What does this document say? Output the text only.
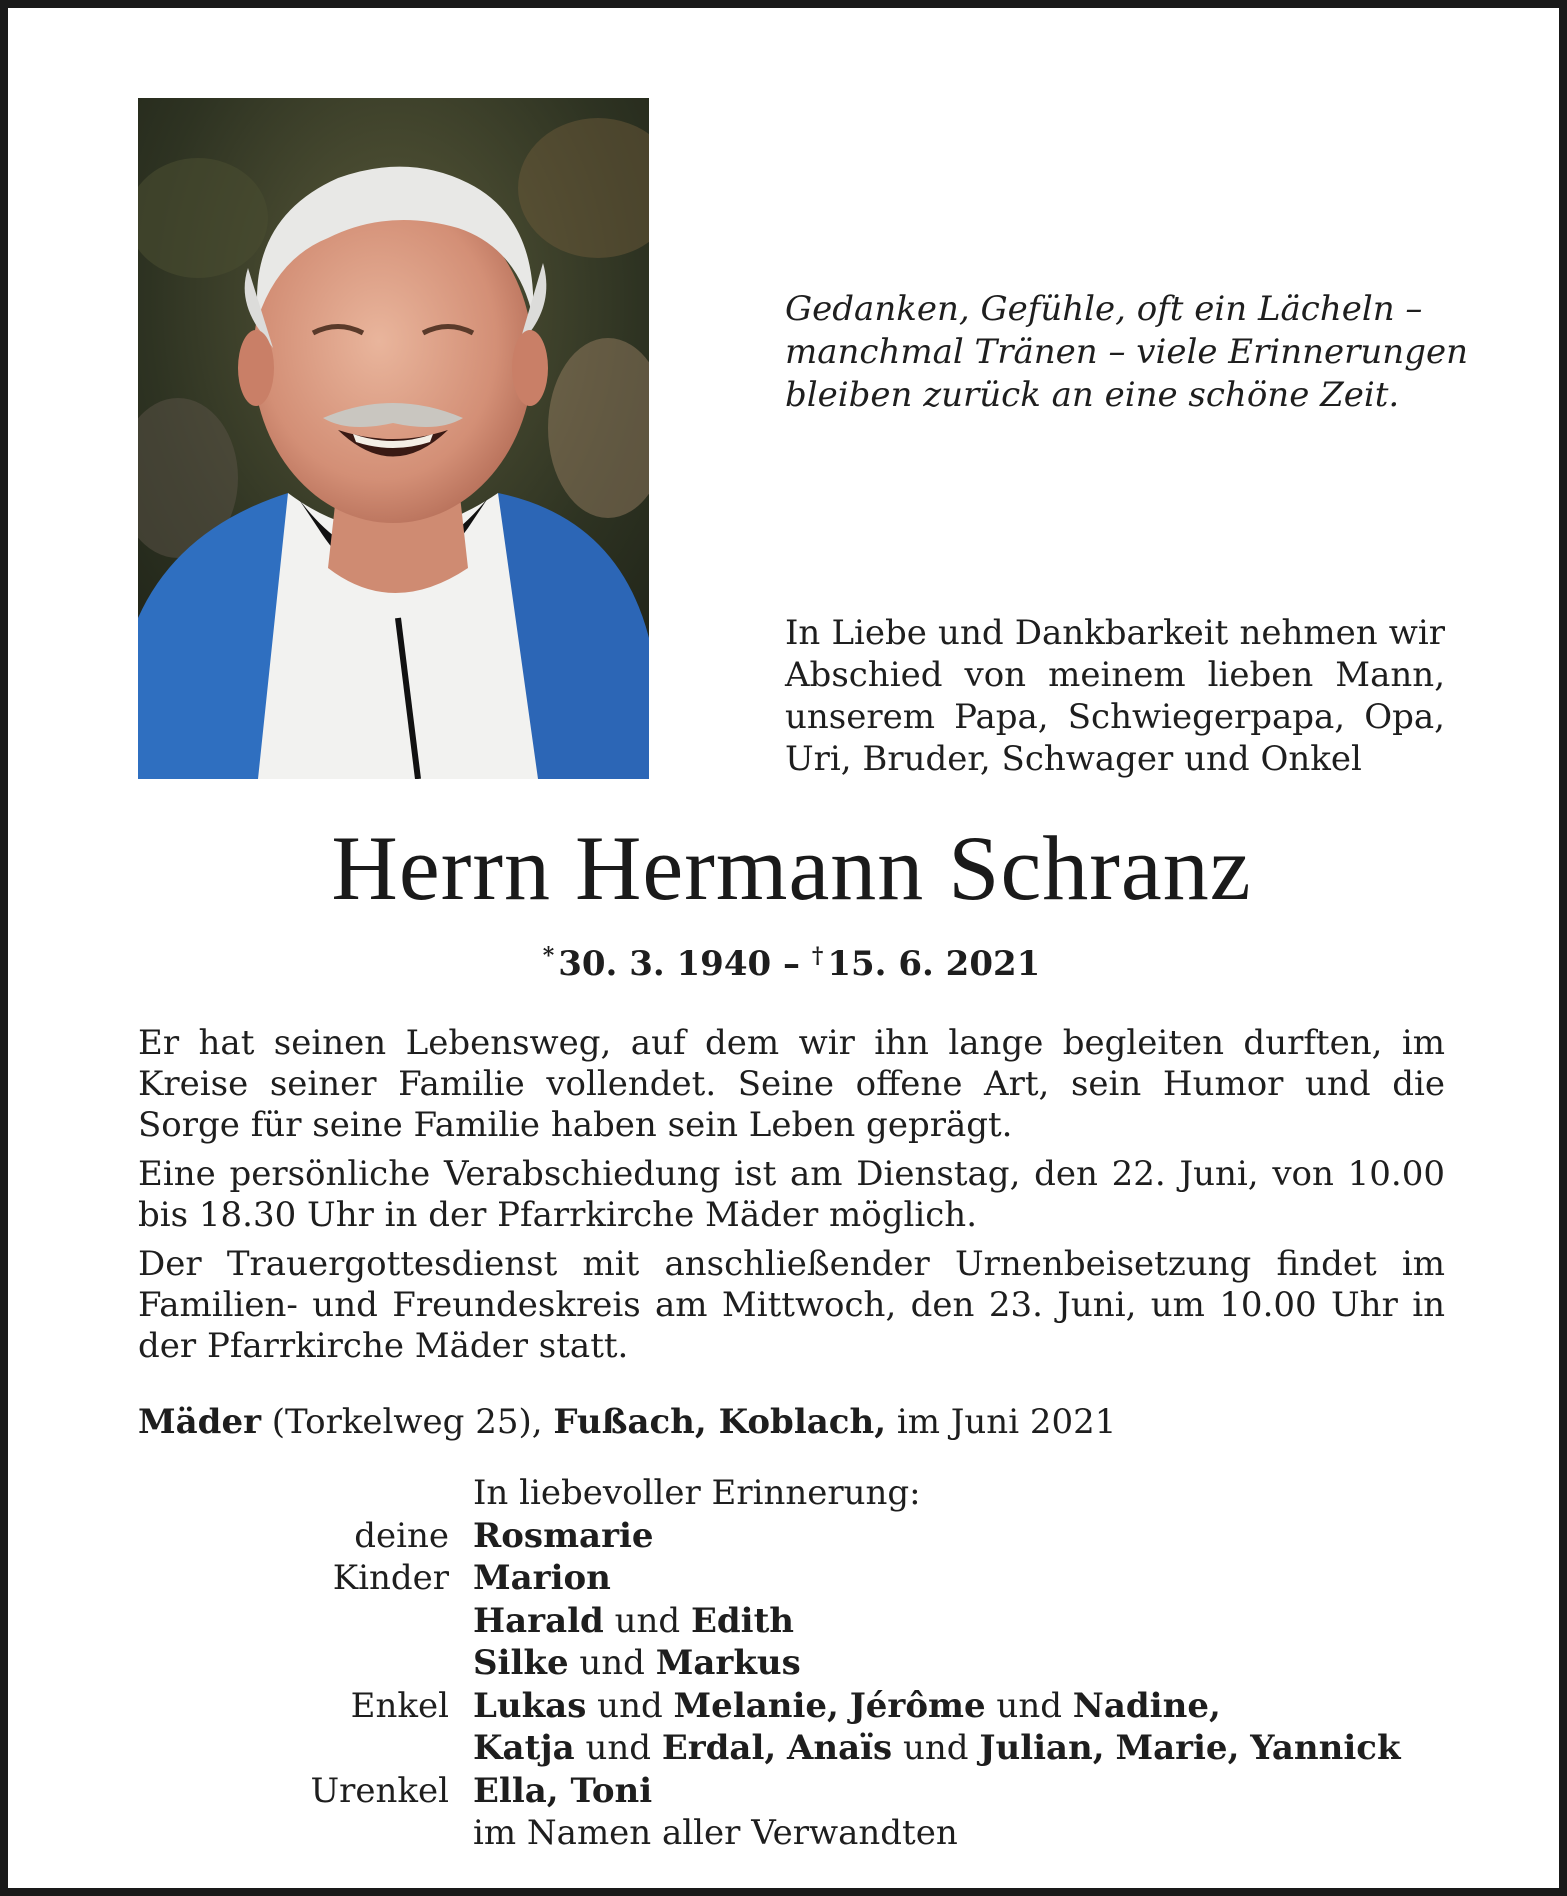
Gedanken, Gefühle, oft ein Lächeln –
manchmal Tränen – viele Erinnerungen
bleiben zurück an eine schöne Zeit.
In Liebe und Dankbarkeit nehmen wir Abschied von meinem lieben Mann, unserem Papa, Schwiegerpapa, Opa, Uri, Bruder, Schwager und Onkel
Herrn Hermann Schranz
* 30. 3. 1940 – † 15. 6. 2021

Er hat seinen Lebensweg, auf dem wir ihn lange begleiten durften, im Kreise seiner Familie vollendet. Seine offene Art, sein Humor und die Sorge für seine Familie haben sein Leben geprägt.

Eine persönliche Verabschiedung ist am Dienstag, den 22. Juni, von 10.00 bis 18.30 Uhr in der Pfarrkirche Mäder möglich.

Der Trauergottesdienst mit anschließender Urnenbeisetzung findet im Familien- und Freundeskreis am Mittwoch, den 23. Juni, um 10.00 Uhr in der Pfarrkirche Mäder statt.

Mäder (Torkelweg 25), Fußach, Koblach, im Juni 2021
In liebevoller Erinnerung:
deine Rosmarie
Kinder Marion
Harald und Edith
Silke und Markus
Enkel Lukas und Melanie, Jérôme und Nadine,
Katja und Erdal, Anaïs und Julian, Marie, Yannick
Urenkel Ella, Toni
im Namen aller Verwandten
